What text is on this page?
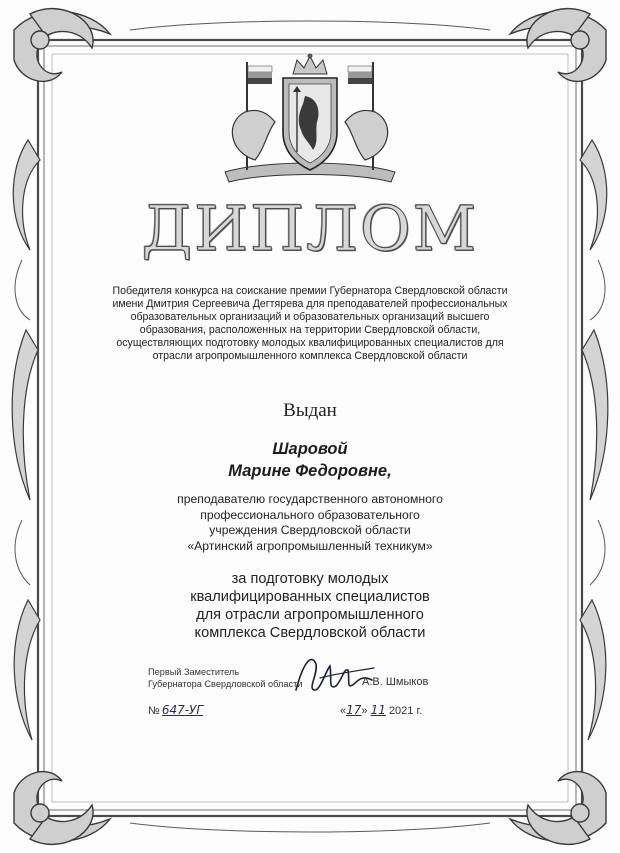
ДИПЛОМ
Победителя конкурса на соискание премии Губернатора Свердловской области имени Дмитрия Сергеевича Дегтярева для преподавателей профессиональных образовательных организаций и образовательных организаций высшего образования, расположенных на территории Свердловской области, осуществляющих подготовку молодых квалифицированных специалистов для отрасли агропромышленного комплекса Свердловской области
Выдан
Шаровой
Марине Федоровне,
преподавателю государственного автономного
профессионального образовательного
учреждения Свердловской области
«Артинский агропромышленный техникум»
за подготовку молодых
квалифицированных специалистов
для отрасли агропромышленного
комплекса Свердловской области
Первый Заместитель
Губернатора Свердловской области	А.В. Шмыков
№ 647-УГ	«17» 11 2021 г.
